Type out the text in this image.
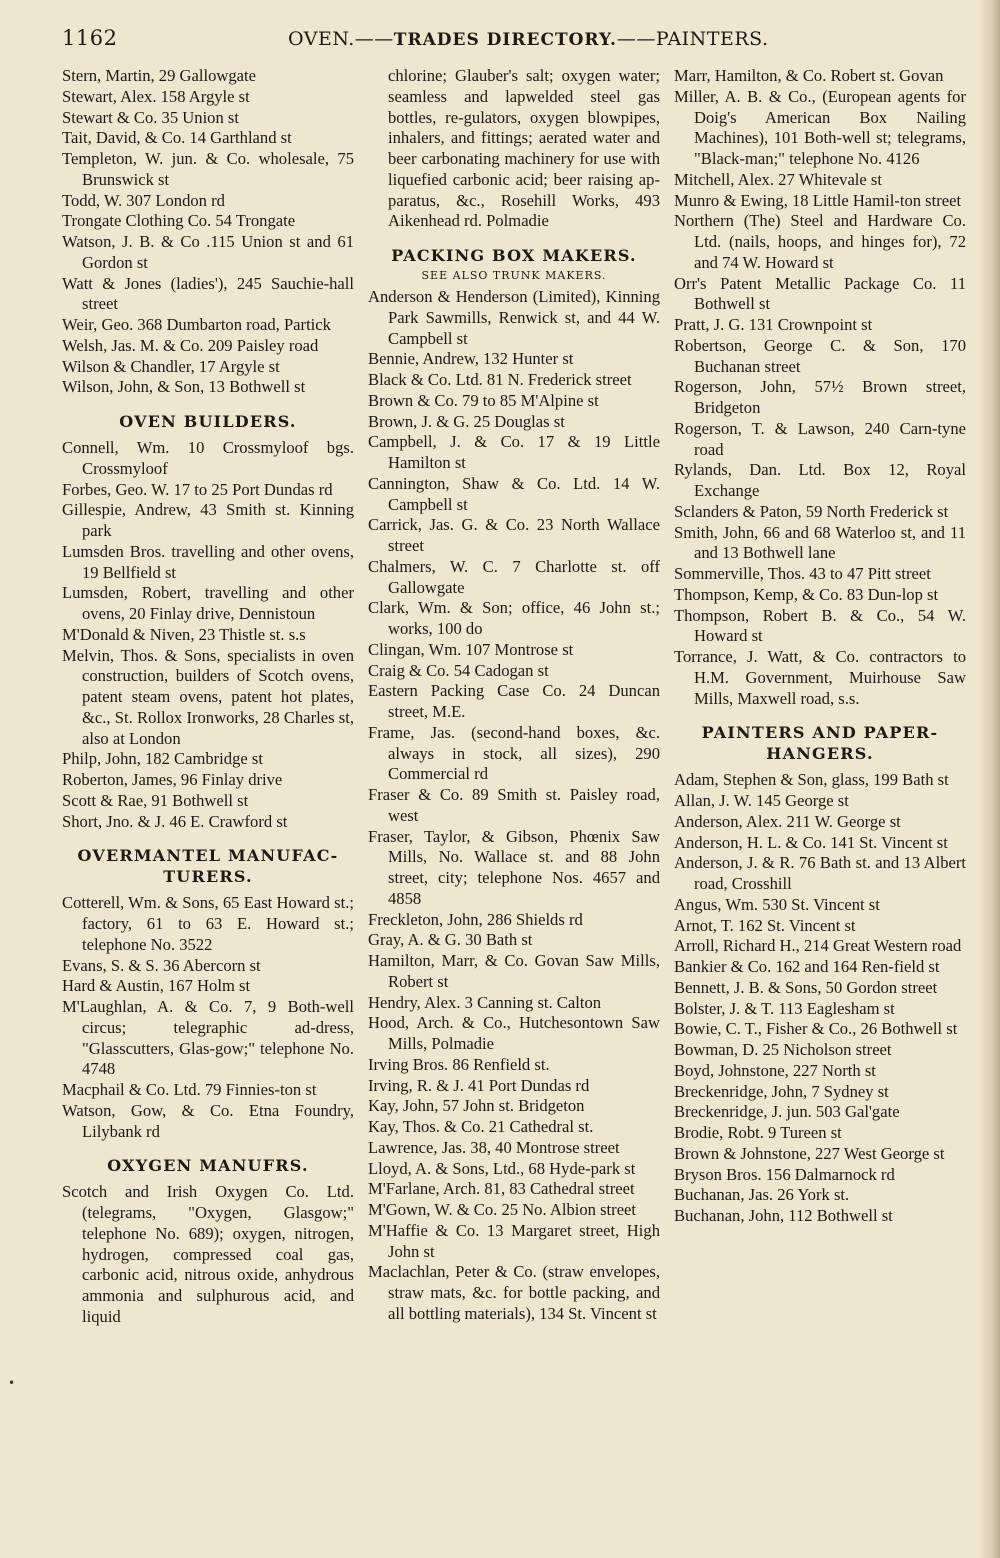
1162	OVEN.——TRADES DIRECTORY.——PAINTERS.
Stern, Martin, 29 Gallowgate
Stewart, Alex. 158 Argyle st
Stewart & Co. 35 Union st
Tait, David, & Co. 14 Garthland st
Templeton, W. jun. & Co. wholesale, 75 Brunswick st
Todd, W. 307 London rd
Trongate Clothing Co. 54 Trongate
Watson, J. B. & Co .115 Union st and 61 Gordon st
Watt & Jones (ladies'), 245 Sauchie-hall street
Weir, Geo. 368 Dumbarton road, Partick
Welsh, Jas. M. & Co. 209 Paisley road
Wilson & Chandler, 17 Argyle st
Wilson, John, & Son, 13 Bothwell st
OVEN BUILDERS.
Connell, Wm. 10 Crossmyloof bgs. Crossmyloof
Forbes, Geo. W. 17 to 25 Port Dundas rd
Gillespie, Andrew, 43 Smith st. Kinning park
Lumsden Bros. travelling and other ovens, 19 Bellfield st
Lumsden, Robert, travelling and other ovens, 20 Finlay drive, Dennistoun
M'Donald & Niven, 23 Thistle st. s.s
Melvin, Thos. & Sons, specialists in oven construction, builders of Scotch ovens, patent steam ovens, patent hot plates, &c., St. Rollox Ironworks, 28 Charles st, also at London
Philp, John, 182 Cambridge st
Roberton, James, 96 Finlay drive
Scott & Rae, 91 Bothwell st
Short, Jno. & J. 46 E. Crawford st
OVERMANTEL MANUFAC-TURERS.
Cotterell, Wm. & Sons, 65 East Howard st.; factory, 61 to 63 E. Howard st.; telephone No. 3522
Evans, S. & S. 36 Abercorn st
Hard & Austin, 167 Holm st
M'Laughlan, A. & Co. 7, 9 Both-well circus; telegraphic ad-dress, "Glasscutters, Glas-gow;" telephone No. 4748
Macphail & Co. Ltd. 79 Finnies-ton st
Watson, Gow, & Co. Etna Foundry, Lilybank rd
OXYGEN MANUFRS.
Scotch and Irish Oxygen Co. Ltd. (telegrams, "Oxygen, Glasgow;" telephone No. 689); oxygen, nitrogen, hydrogen, compressed coal gas, carbonic acid, nitrous oxide, anhydrous ammonia and sulphurous acid, and liquid
chlorine; Glauber's salt; oxygen water; seamless and lapwelded steel gas bottles, re-gulators, oxygen blowpipes, inhalers, and fittings; aerated water and beer carbonating machinery for use with liquefied carbonic acid; beer raising ap-paratus, &c., Rosehill Works, 493 Aikenhead rd. Polmadie
PACKING BOX MAKERS.
SEE ALSO TRUNK MAKERS.
Anderson & Henderson (Limited), Kinning Park Sawmills, Renwick st, and 44 W. Campbell st
Bennie, Andrew, 132 Hunter st
Black & Co. Ltd. 81 N. Frederick street
Brown & Co. 79 to 85 M'Alpine st
Brown, J. & G. 25 Douglas st
Campbell, J. & Co. 17 & 19 Little Hamilton st
Cannington, Shaw & Co. Ltd. 14 W. Campbell st
Carrick, Jas. G. & Co. 23 North Wallace street
Chalmers, W. C. 7 Charlotte st. off Gallowgate
Clark, Wm. & Son; office, 46 John st.; works, 100 do
Clingan, Wm. 107 Montrose st
Craig & Co. 54 Cadogan st
Eastern Packing Case Co. 24 Duncan street, M.E.
Frame, Jas. (second-hand boxes, &c. always in stock, all sizes), 290 Commercial rd
Fraser & Co. 89 Smith st. Paisley road, west
Fraser, Taylor, & Gibson, Phœnix Saw Mills, No. Wallace st. and 88 John street, city; telephone Nos. 4657 and 4858
Freckleton, John, 286 Shields rd
Gray, A. & G. 30 Bath st
Hamilton, Marr, & Co. Govan Saw Mills, Robert st
Hendry, Alex. 3 Canning st. Calton
Hood, Arch. & Co., Hutchesontown Saw Mills, Polmadie
Irving Bros. 86 Renfield st.
Irving, R. & J. 41 Port Dundas rd
Kay, John, 57 John st. Bridgeton
Kay, Thos. & Co. 21 Cathedral st.
Lawrence, Jas. 38, 40 Montrose street
Lloyd, A. & Sons, Ltd., 68 Hyde-park st
M'Farlane, Arch. 81, 83 Cathedral street
M'Gown, W. & Co. 25 No. Albion street
M'Haffie & Co. 13 Margaret street, High John st
Maclachlan, Peter & Co. (straw envelopes, straw mats, &c. for bottle packing, and all bottling materials), 134 St. Vincent st
Marr, Hamilton, & Co. Robert st. Govan
Miller, A. B. & Co., (European agents for Doig's American Box Nailing Machines), 101 Both-well st; telegrams, "Black-man;" telephone No. 4126
Mitchell, Alex. 27 Whitevale st
Munro & Ewing, 18 Little Hamil-ton street
Northern (The) Steel and Hardware Co. Ltd. (nails, hoops, and hinges for), 72 and 74 W. Howard st
Orr's Patent Metallic Package Co. 11 Bothwell st
Pratt, J. G. 131 Crownpoint st
Robertson, George C. & Son, 170 Buchanan street
Rogerson, John, 57½ Brown street, Bridgeton
Rogerson, T. & Lawson, 240 Carn-tyne road
Rylands, Dan. Ltd. Box 12, Royal Exchange
Sclanders & Paton, 59 North Frederick st
Smith, John, 66 and 68 Waterloo st, and 11 and 13 Bothwell lane
Sommerville, Thos. 43 to 47 Pitt street
Thompson, Kemp, & Co. 83 Dun-lop st
Thompson, Robert B. & Co., 54 W. Howard st
Torrance, J. Watt, & Co. contractors to H.M. Government, Muirhouse Saw Mills, Maxwell road, s.s.
PAINTERS AND PAPER-HANGERS.
Adam, Stephen & Son, glass, 199 Bath st
Allan, J. W. 145 George st
Anderson, Alex. 211 W. George st
Anderson, H. L. & Co. 141 St. Vincent st
Anderson, J. & R. 76 Bath st. and 13 Albert road, Crosshill
Angus, Wm. 530 St. Vincent st
Arnot, T. 162 St. Vincent st
Arroll, Richard H., 214 Great Western road
Bankier & Co. 162 and 164 Ren-field st
Bennett, J. B. & Sons, 50 Gordon street
Bolster, J. & T. 113 Eaglesham st
Bowie, C. T., Fisher & Co., 26 Bothwell st
Bowman, D. 25 Nicholson street
Boyd, Johnstone, 227 North st
Breckenridge, John, 7 Sydney st
Breckenridge, J. jun. 503 Gal'gate
Brodie, Robt. 9 Tureen st
Brown & Johnstone, 227 West George st
Bryson Bros. 156 Dalmarnock rd
Buchanan, Jas. 26 York st.
Buchanan, John, 112 Bothwell st
•
